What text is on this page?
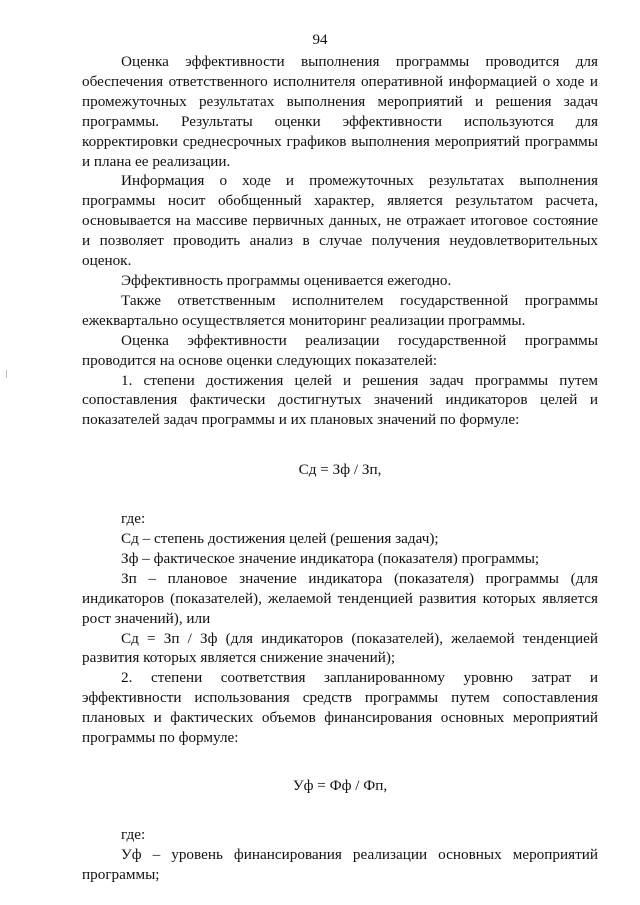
94

Оценка эффективности выполнения программы проводится для обеспечения ответственного исполнителя оперативной информацией о ходе и промежуточных результатах выполнения мероприятий и решения задач программы. Результаты оценки эффективности используются для корректировки среднесрочных графиков выполнения мероприятий программы и плана ее реализации.

Информация о ходе и промежуточных результатах выполнения программы носит обобщенный характер, является результатом расчета, основывается на массиве первичных данных, не отражает итоговое состояние и позволяет проводить анализ в случае получения неудовлетворительных оценок.

Эффективность программы оценивается ежегодно.

Также ответственным исполнителем государственной программы ежеквартально осуществляется мониторинг реализации программы.

Оценка эффективности реализации государственной программы проводится на основе оценки следующих показателей:

1. степени достижения целей и решения задач программы путем сопоставления фактически достигнутых значений индикаторов целей и показателей задач программы и их плановых значений по формуле:

Сд = Зф / Зп,

где:

Сд – степень достижения целей (решения задач);

Зф – фактическое значение индикатора (показателя) программы;

Зп – плановое значение индикатора (показателя) программы (для индикаторов (показателей), желаемой тенденцией развития которых является рост значений), или

Сд = Зп / Зф (для индикаторов (показателей), желаемой тенденцией развития которых является снижение значений);

2. степени соответствия запланированному уровню затрат и эффективности использования средств программы путем сопоставления плановых и фактических объемов финансирования основных мероприятий программы по формуле:

Уф = Фф / Фп,

где:

Уф – уровень финансирования реализации основных мероприятий программы;
